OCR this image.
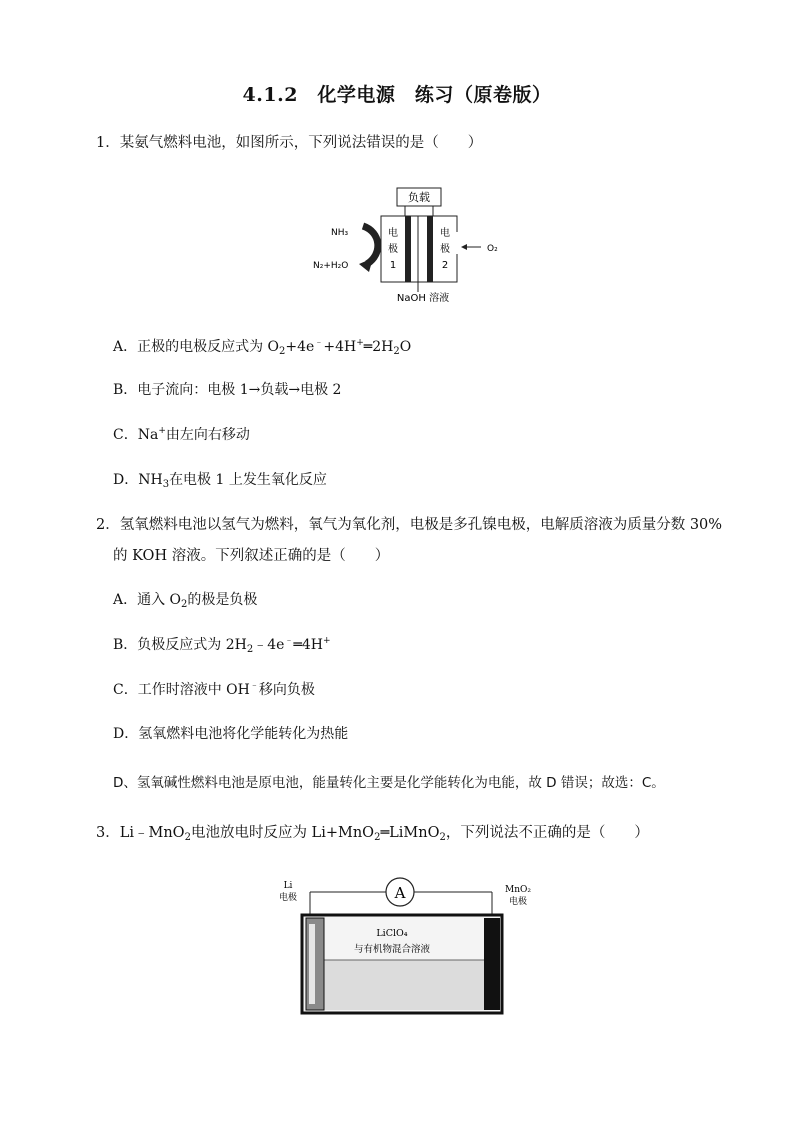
4.1.2　化学电源　练习（原卷版）
1．某氨气燃料电池，如图所示，下列说法错误的是（　　）
负载
电
极
1
电
极
2
NH₃
N₂+H₂O
O₂
NaOH 溶液
A．正极的电极反应式为 $O_2+4e^﹣+4H^+═2H_2O$
B．电子流向：电极 1→负载→电极 2
C．Na+由左向右移动
D．$NH_3$在电极 1 上发生氧化反应
2．氢氧燃料电池以氢气为燃料，氧气为氧化剂，电极是多孔镍电极，电解质溶液为质量分数 30%
的 KOH 溶液。下列叙述正确的是（　　）
A．通入 $O_2$的极是负极
B．负极反应式为 $2H_2﹣4e^﹣═4H^+$
C．工作时溶液中 OH﹣移向负极
D．氢氧燃料电池将化学能转化为热能
D、氢氧碱性燃料电池是原电池，能量转化主要是化学能转化为电能，故 D 错误；故选：C。
3．Li﹣MnO$_2$电池放电时反应为 Li+MnO$_2$═LiMnO$_2$，下列说法不正确的是（　　）
Li
电极
MnO₂
电极
A
LiClO₄
与有机物混合溶液
